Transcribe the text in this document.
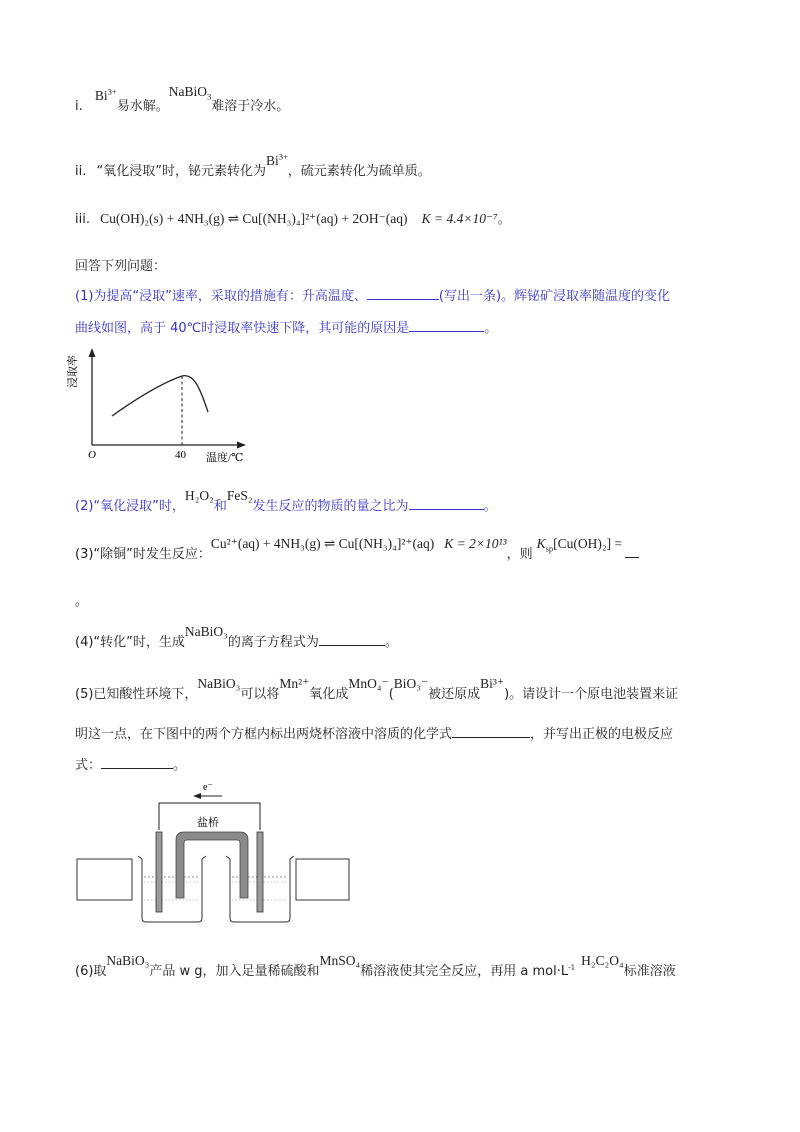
i. $Bi^{3+}$易水解。NaBiO$_3$难溶于冷水。
ii. “氧化浸取”时，铋元素转化为$Bi^{3+}$，硫元素转化为硫单质。
iii. Cu(OH)₂(s) + 4NH₃(g) ⇌ Cu[(NH₃)₄]²⁺(aq) + 2OH⁻(aq) K = 4.4×10⁻⁷。
回答下列问题：
(1)为提高“浸取”速率，采取的措施有：升高温度、	(写出一条)。辉铋矿浸取率随温度的变化
曲线如图，高于 40℃时浸取率快速下降，其可能的原因是	。
O	40 温度/℃
浸取率
(2)“氧化浸取”时，H₂O₂和FeS₂发生反应的物质的量之比为	。
(3)“除铜”时发生反应：Cu²⁺(aq) + 4NH₃(g) ⇌ Cu[(NH₃)₄]²⁺(aq) K = 2×10¹³，则$K_{sp}[Cu(OH)_2]$ =
。
(4)“转化”时，生成NaBiO₃的离子方程式为	。
(5)已知酸性环境下，NaBiO₃可以将Mn²⁺氧化成MnO₄⁻(BiO₃⁻被还原成Bi³⁺)。请设计一个原电池装置来证
明这一点，在下图中的两个方框内标出两烧杯溶液中溶质的化学式	，并写出正极的电极反应
式：	。
e⁻
盐桥
(6)取NaBiO₃产品 w g，加入足量稀硫酸和MnSO₄稀溶液使其完全反应，再用 a $mol\cdot L^{-1}$ H₂C₂O₄标准溶液
